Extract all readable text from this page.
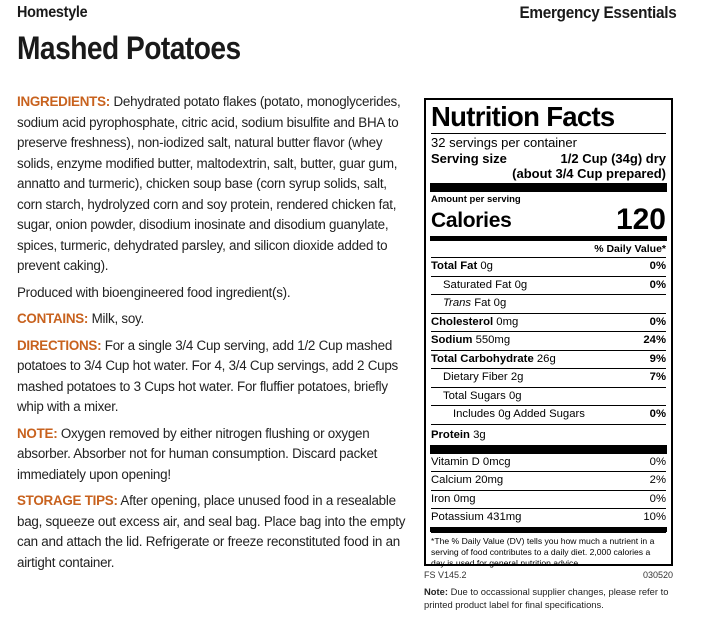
Homestyle	Emergency Essentials
Mashed Potatoes

INGREDIENTS: Dehydrated potato flakes (potato, monoglycerides, sodium acid pyrophosphate, citric acid, sodium bisulfite and BHA to preserve freshness), non-iodized salt, natural butter flavor (whey solids, enzyme modified butter, maltodextrin, salt, butter, guar gum, annatto and turmeric), chicken soup base (corn syrup solids, salt, corn starch, hydrolyzed corn and soy protein, rendered chicken fat, sugar, onion powder, disodium inosinate and disodium guanylate, spices, turmeric, dehydrated parsley, and silicon dioxide added to prevent caking).

Produced with bioengineered food ingredient(s).

CONTAINS: Milk, soy.

DIRECTIONS: For a single 3/4 Cup serving, add 1/2 Cup mashed potatoes to 3/4 Cup hot water. For 4, 3/4 Cup servings, add 2 Cups mashed potatoes to 3 Cups hot water. For fluffier potatoes, briefly whip with a mixer.

NOTE: Oxygen removed by either nitrogen flushing or oxygen absorber. Absorber not for human consumption. Discard packet immediately upon opening!

STORAGE TIPS: After opening, place unused food in a resealable bag, squeeze out excess air, and seal bag. Place bag into the empty can and attach the lid. Refrigerate or freeze reconstituted food in an airtight container.

Nutrition Facts
32 servings per container
Serving size	1/2 Cup (34g) dry
(about 3/4 Cup prepared)
Amount per serving
Calories	120
% Daily Value*
Total Fat 0g	0%
Saturated Fat 0g	0%
Trans Fat 0g
Cholesterol 0mg	0%
Sodium 550mg	24%
Total Carbohydrate 26g	9%
Dietary Fiber 2g	7%
Total Sugars 0g
Includes 0g Added Sugars	0%
Protein 3g
Vitamin D 0mcg	0%
Calcium 20mg	2%
Iron 0mg	0%
Potassium 431mg	10%
*The % Daily Value (DV) tells you how much a nutrient in a serving of food contributes to a daily diet. 2,000 calories a day is used for general nutrition advice.
FS V145.2	030520
Note: Due to occassional supplier changes, please refer to printed product label for final specifications.
